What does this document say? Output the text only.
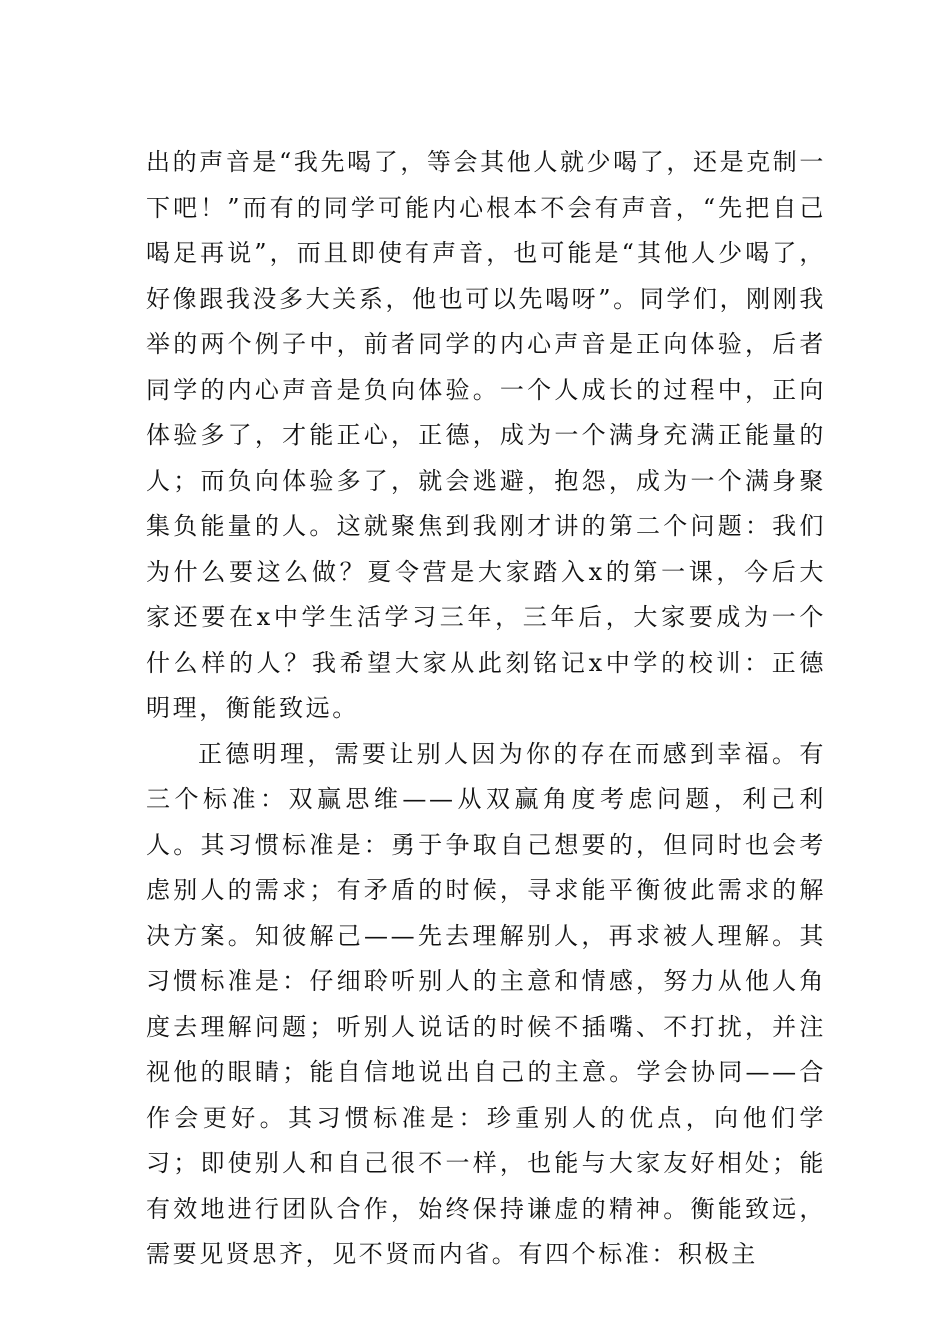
出的声音是“我先喝了，等会其他人就少喝了，还是克制一下吧！”而有的同学可能内心根本不会有声音，“先把自己喝足再说”，而且即使有声音，也可能是“其他人少喝了，好像跟我没多大关系，他也可以先喝呀”。同学们，刚刚我举的两个例子中，前者同学的内心声音是正向体验，后者同学的内心声音是负向体验。一个人成长的过程中，正向体验多了，才能正心，正德，成为一个满身充满正能量的人；而负向体验多了，就会逃避，抱怨，成为一个满身聚集负能量的人。这就聚焦到我刚才讲的第二个问题：我们为什么要这么做？夏令营是大家踏入x的第一课，今后大家还要在x中学生活学习三年，三年后，大家要成为一个什么样的人？我希望大家从此刻铭记x中学的校训：正德明理，衡能致远。

正德明理，需要让别人因为你的存在而感到幸福。有三个标准：双赢思维——从双赢角度考虑问题，利己利人。其习惯标准是：勇于争取自己想要的，但同时也会考虑别人的需求；有矛盾的时候，寻求能平衡彼此需求的解决方案。知彼解己——先去理解别人，再求被人理解。其习惯标准是：仔细聆听别人的主意和情感，努力从他人角度去理解问题；听别人说话的时候不插嘴、不打扰，并注视他的眼睛；能自信地说出自己的主意。学会协同——合作会更好。其习惯标准是：珍重别人的优点，向他们学习；即使别人和自己很不一样，也能与大家友好相处；能有效地进行团队合作，始终保持谦虚的精神。衡能致远，需要见贤思齐，见不贤而内省。有四个标准：积极主
